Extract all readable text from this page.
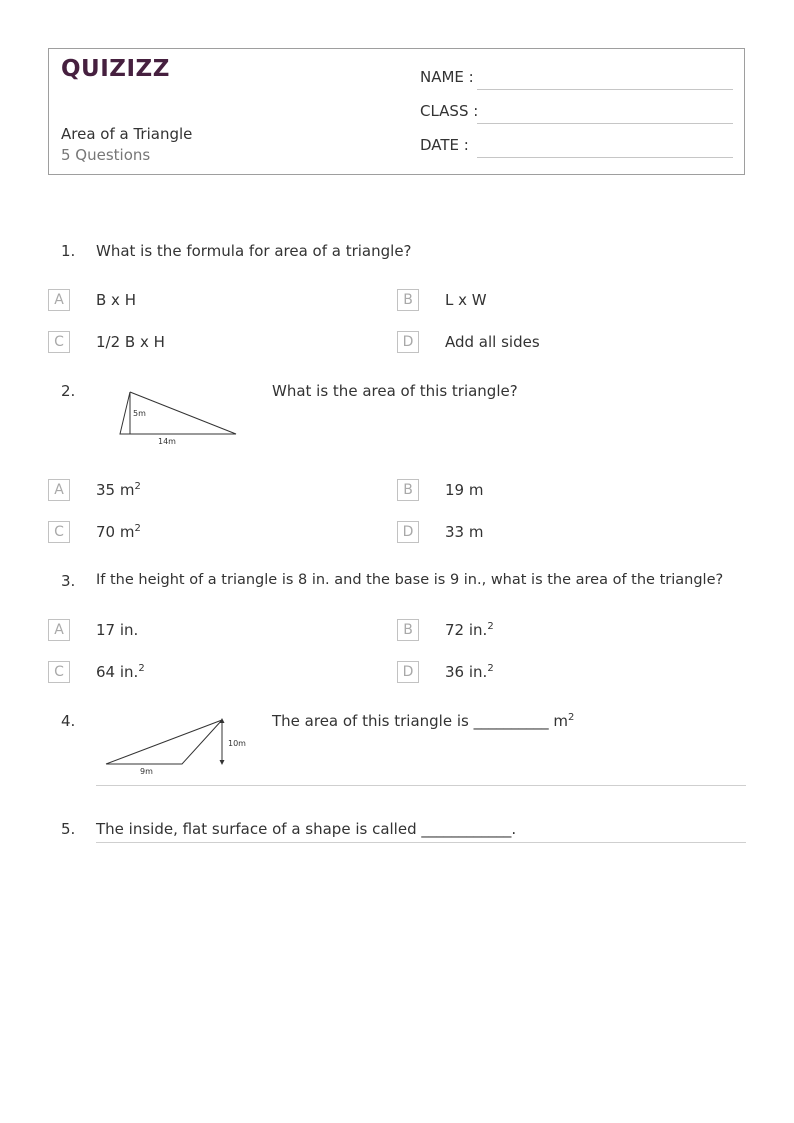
QUIZIZZ
Area of a Triangle
5 Questions
NAME :
CLASS :
DATE :
1. What is the formula for area of a triangle?
A	B x H	B	L x W
C	1/2 B x H	D	Add all sides
2.
5m
14m
What is the area of this triangle?
A	35 $m^2$	B	19 m
C	70 $m^2$	D	33 m
3. If the height of a triangle is 8 in. and the base is 9 in., what is the area of the triangle?
A	17 in.	B	72 in.$^2$
C	64 in.$^2$	D	36 in.$^2$
4.
10m
9m
The area of this triangle is __________ $m^2$
5. The inside, flat surface of a shape is called ____________.
